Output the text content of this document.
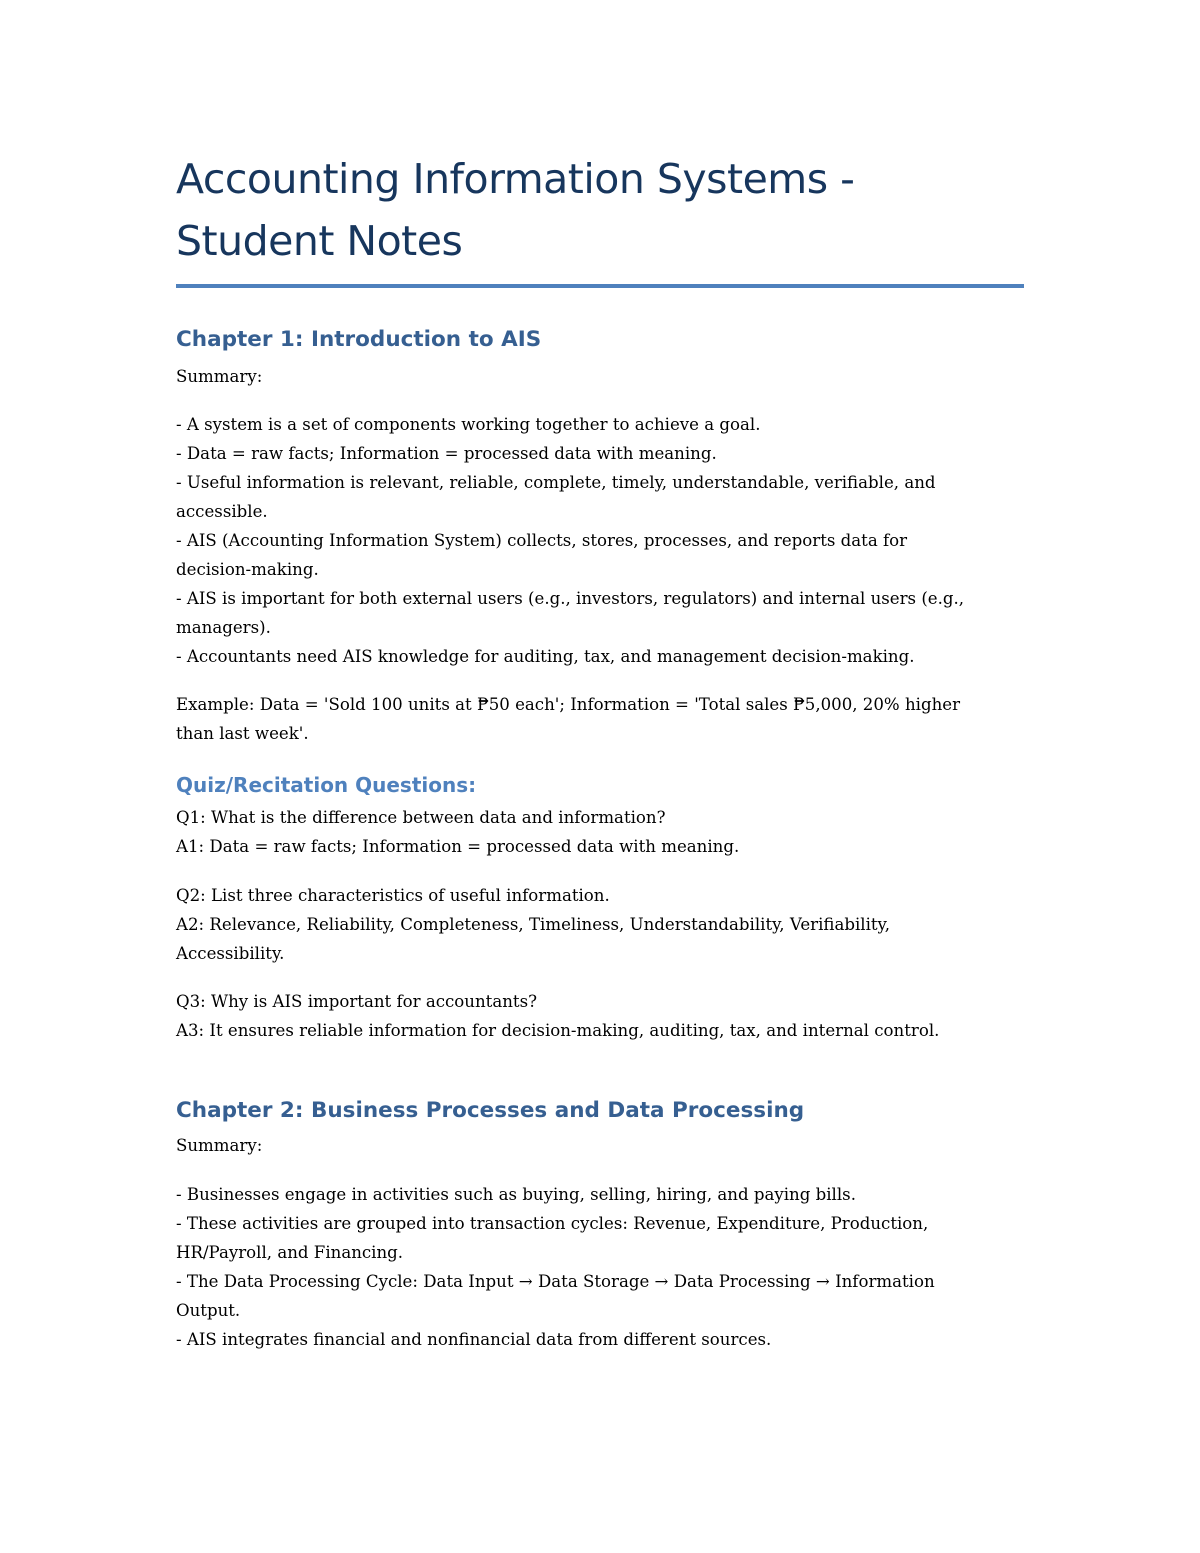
Accounting Information Systems -
Student Notes
Chapter 1: Introduction to AIS

Summary:

- A system is a set of components working together to achieve a goal.
- Data = raw facts; Information = processed data with meaning.
- Useful information is relevant, reliable, complete, timely, understandable, verifiable, and
accessible.
- AIS (Accounting Information System) collects, stores, processes, and reports data for
decision-making.
- AIS is important for both external users (e.g., investors, regulators) and internal users (e.g.,
managers).
- Accountants need AIS knowledge for auditing, tax, and management decision-making.

Example: Data = 'Sold 100 units at ₱50 each'; Information = 'Total sales ₱5,000, 20% higher
than last week'.

Quiz/Recitation Questions:

Q1: What is the difference between data and information?
A1: Data = raw facts; Information = processed data with meaning.

Q2: List three characteristics of useful information.
A2: Relevance, Reliability, Completeness, Timeliness, Understandability, Verifiability,
Accessibility.

Q3: Why is AIS important for accountants?
A3: It ensures reliable information for decision-making, auditing, tax, and internal control.

Chapter 2: Business Processes and Data Processing

Summary:

- Businesses engage in activities such as buying, selling, hiring, and paying bills.
- These activities are grouped into transaction cycles: Revenue, Expenditure, Production,
HR/Payroll, and Financing.
- The Data Processing Cycle: Data Input → Data Storage → Data Processing → Information
Output.
- AIS integrates financial and nonfinancial data from different sources.
